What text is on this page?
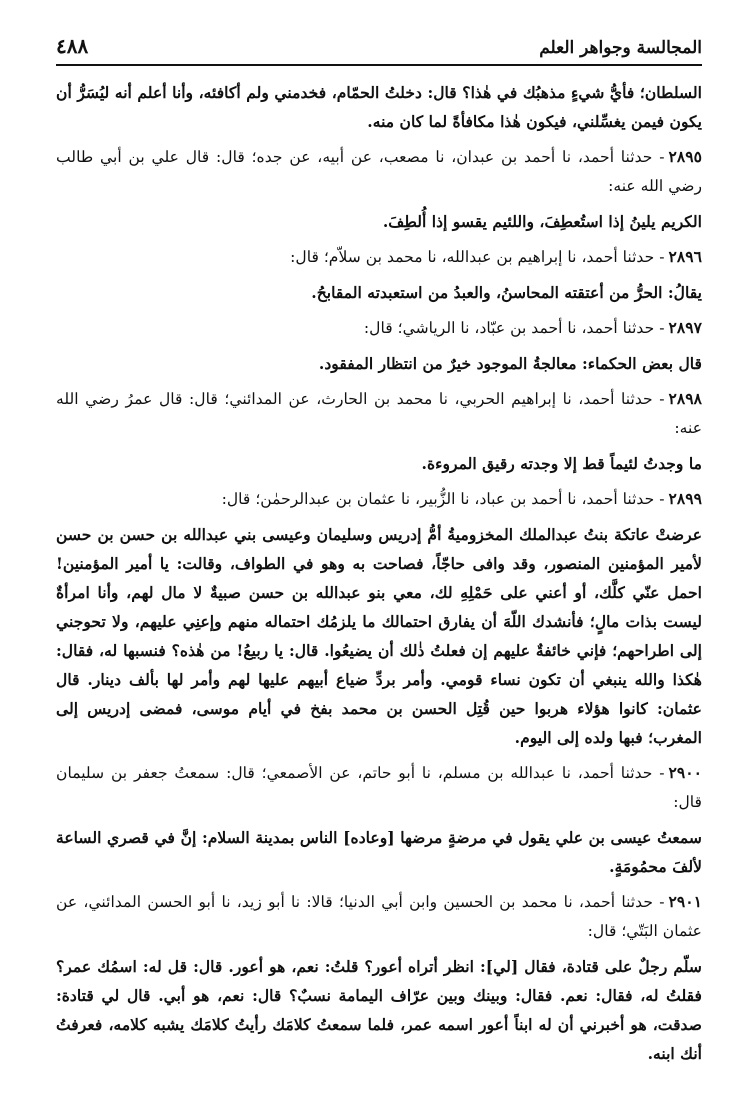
المجالسة وجواهر العلم
٤٨٨

السلطان؛ فأيُّ شيءٍ مذهبُك في هٰذا؟ قال: دخلتُ الحمّام، فخدمني ولم أكافئه، وأنا أعلم أنه ليُسَرُّ أن يكون فيمن يغسِّلني، فيكون هٰذا مكافأةً لما كان منه.

٢٨٩٥- حدثنا أحمد، نا أحمد بن عبدان، نا مصعب، عن أبيه، عن جده؛ قال: قال علي بن أبي طالب رضي الله عنه:

الكريم يلينُ إذا استُعطِفَ، واللئيم يقسو إذا أُلطِفَ.

٢٨٩٦- حدثنا أحمد، نا إبراهيم بن عبدالله، نا محمد بن سلاّم؛ قال:

يقالُ: الحرُّ من أعتقته المحاسنُ، والعبدُ من استعبدته المقابحُ.

٢٨٩٧- حدثنا أحمد، نا أحمد بن عبّاد، نا الرياشي؛ قال:

قال بعض الحكماء: معالجةُ الموجود خيرٌ من انتظار المفقود.

٢٨٩٨- حدثنا أحمد، نا إبراهيم الحربي، نا محمد بن الحارث، عن المدائني؛ قال: قال عمرُ رضي الله عنه:

ما وجدتُ لئيماً قط إلا وجدته رقيق المروءة.

٢٨٩٩- حدثنا أحمد، نا أحمد بن عباد، نا الزُّبير، نا عثمان بن عبدالرحمٰن؛ قال:

عرضتْ عاتكة بنتُ عبدالملك المخزوميةُ أمُّ إدريس وسليمان وعيسى بني عبدالله بن حسن بن حسن لأمير المؤمنين المنصور، وقد وافى حاجّاً، فصاحت به وهو في الطواف، وقالت: يا أمير المؤمنين! احمل عنّي كلَّك، أو أعني على حَمْلِهِ لك، معي بنو عبدالله بن حسن صبيةٌ لا مال لهم، وأنا امرأةٌ ليست بذات مالٍ؛ فأنشدك اللّهَ أن يفارق احتمالك ما يلزمُك احتماله منهم وإعنِي عليهم، ولا تحوجني إلى اطراحهم؛ فإني خائفةٌ عليهم إن فعلتُ ذٰلك أن يضيعُوا. قال: يا ربيعُ! من هٰذه؟ فنسبها له، فقال: هٰكذا والله ينبغي أن تكون نساء قومي. وأمر بردِّ ضياع أبيهم عليها لهم وأمر لها بألف دينار. قال عثمان: كانوا هؤلاء هربوا حين قُتِل الحسن بن محمد بفخ في أيام موسى، فمضى إدريس إلى المغرب؛ فبها ولده إلى اليوم.

٢٩٠٠- حدثنا أحمد، نا عبدالله بن مسلم، نا أبو حاتم، عن الأصمعي؛ قال: سمعتُ جعفر بن سليمان قال:

سمعتُ عيسى بن علي يقول في مرضةٍ مرضها [وعاده] الناس بمدينة السلام: إنَّ في قصري الساعة لألفَ محمُومَةٍ.

٢٩٠١- حدثنا أحمد، نا محمد بن الحسين وابن أبي الدنيا؛ قالا: نا أبو زيد، نا أبو الحسن المدائني، عن عثمان البَتّي؛ قال:

سلّم رجلٌ على قتادة، فقال [لي]: انظر أتراه أعور؟ قلتُ: نعم، هو أعور. قال: قل له: اسمُك عمر؟ فقلتُ له، فقال: نعم. فقال: وبينك وبين عرّاف اليمامة نسبٌ؟ قال: نعم، هو أبي. قال لي قتادة: صدقت، هو أخبرني أن له ابناً أعور اسمه عمر، فلما سمعتُ كلامَك رأيتُ كلامَك يشبه كلامه، فعرفتُ أنك ابنه.
